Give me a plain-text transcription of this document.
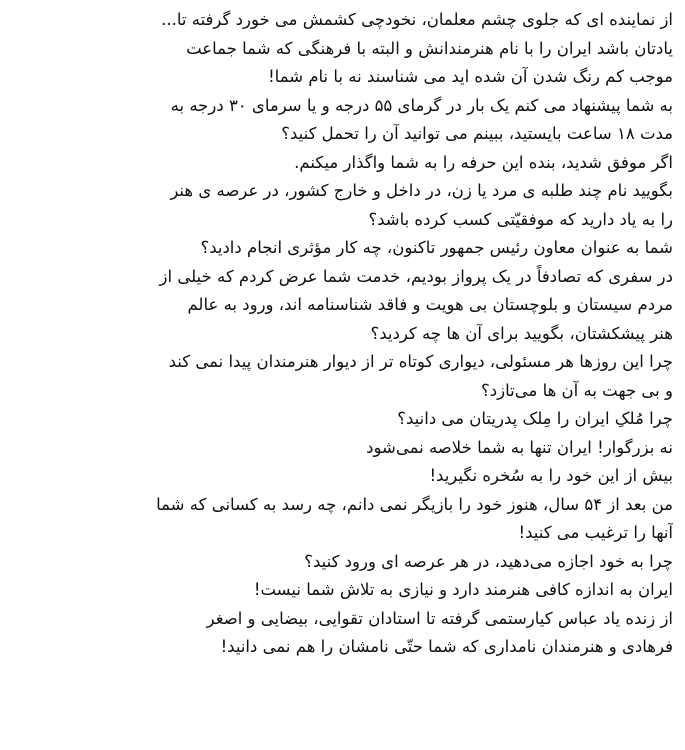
از نماینده ای که جلوی چشم معلمان، نخودچی کشمش می خورد گرفته تا...
یادتان باشد ایران را با نام هنرمندانش و البته با فرهنگی که شما جماعت
موجب کم رنگ شدن آن شده اید می شناسند نه با نام شما!
به شما پیشنهاد می کنم یک بار در گرمای ۵۵ درجه و یا سرمای ۳۰ درجه به
مدت ۱۸ ساعت بایستید، ببینم می توانید آن را تحمل کنید؟
اگر موفق شدید، بنده این حرفه را به شما واگذار میکنم.
بگویید نام چند طلبه ی مرد یا زن، در داخل و خارج کشور، در عرصه ی هنر
را به یاد دارید که موفقیّتی کسب کرده باشد؟
شما به عنوان معاون رئیس جمهور تاکنون، چه کار مؤثری انجام دادید؟
در سفری که تصادفاً در یک پرواز بودیم، خدمت شما عرض کردم که خیلی از
مردم سیستان و بلوچستان بی هویت و فاقد شناسنامه اند، ورود به عالم
هنر پیشکشتان، بگویید برای آن ها چه کردید؟
چرا این روزها هر مسئولی، دیواری کوتاه تر از دیوار هنرمندان پیدا نمی کند
و بی جهت به آن ها می‌تازد؟
چرا مُلکِ ایران را مِلک پدریتان می دانید؟
نه بزرگوار! ایران تنها به شما خلاصه نمی‌شود
بیش از این خود را به سُخره نگیرید!
من بعد از ۵۴ سال، هنوز خود را بازیگر نمی دانم، چه رسد به کسانی که شما
آنها را ترغیب می کنید!
چرا به خود اجازه می‌دهید، در هر عرصه ای ورود کنید؟
ایران به اندازه کافی هنرمند دارد و نیازی به تلاش شما نیست!
از زنده یاد عباس کیارستمی گرفته تا استادان تقوایی، بیضایی و اصغر
فرهادی و هنرمندان نامداری که شما حتّی نامشان را هم نمی دانید!
